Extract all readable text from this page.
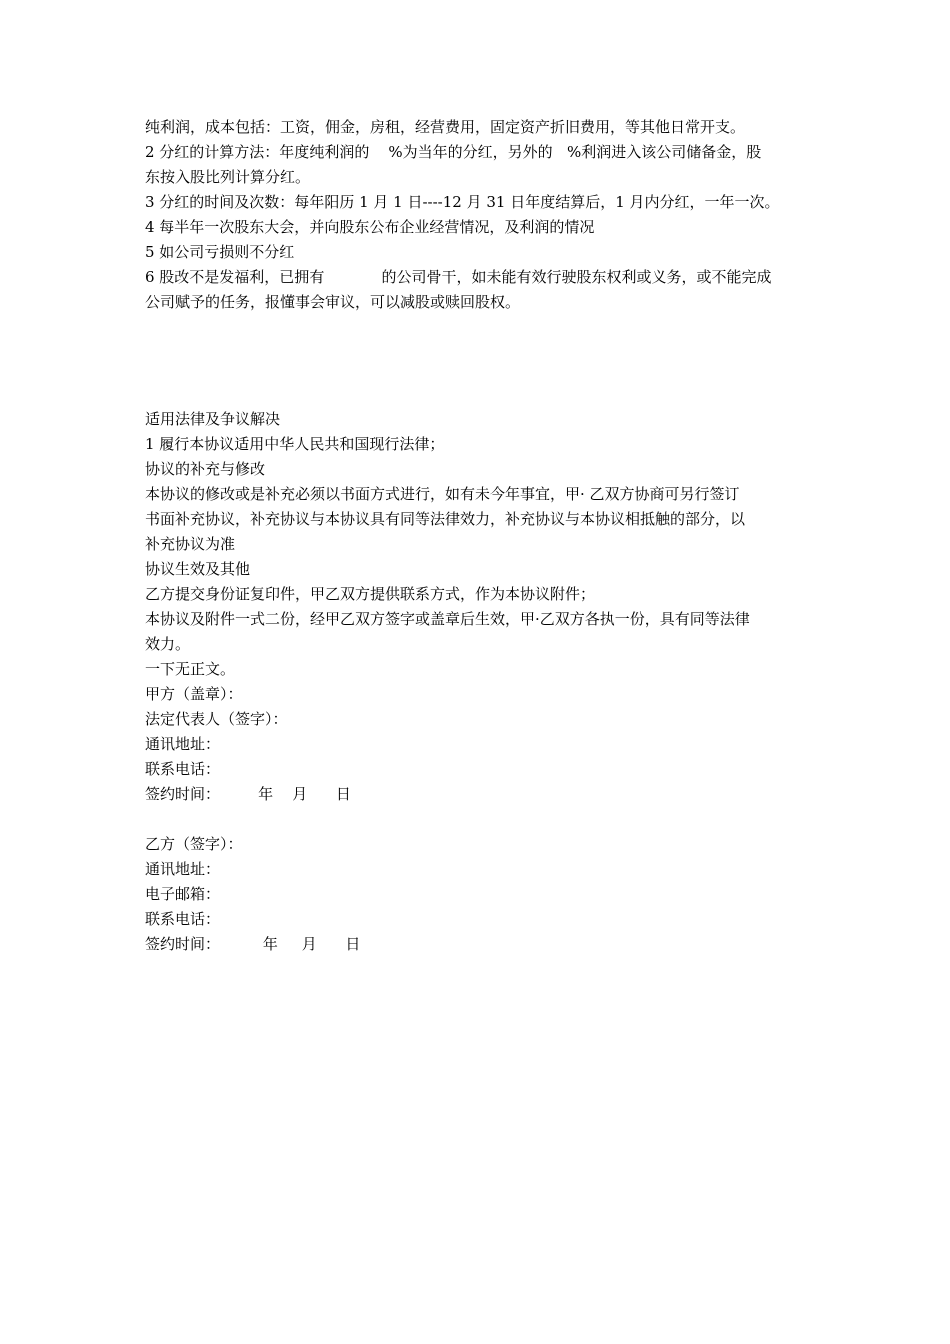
纯利润，成本包括：工资，佣金，房租，经营费用，固定资产折旧费用，等其他日常开支。

2 分红的计算方法：年度纯利润的    %为当年的分红，另外的   %利润进入该公司储备金，股

东按入股比列计算分红。

3 分红的时间及次数：每年阳历 1 月 1 日----12 月 31 日年度结算后，1 月内分红，一年一次。

4 每半年一次股东大会，并向股东公布企业经营情况，及利润的情况

5 如公司亏损则不分红

6 股改不是发福利，已拥有            的公司骨干，如未能有效行驶股东权利或义务，或不能完成

公司赋予的任务，报懂事会审议，可以减股或赎回股权。

适用法律及争议解决

1 履行本协议适用中华人民共和国现行法律；

协议的补充与修改

本协议的修改或是补充必须以书面方式进行，如有未今年事宜，甲· 乙双方协商可另行签订

书面补充协议，补充协议与本协议具有同等法律效力，补充协议与本协议相抵触的部分，以

补充协议为准

协议生效及其他

乙方提交身份证复印件，甲乙双方提供联系方式，作为本协议附件；

本协议及附件一式二份，经甲乙双方签字或盖章后生效，甲·乙双方各执一份，具有同等法律

效力。

一下无正文。

甲方（盖章）：

法定代表人（签字）：

通讯地址：

联系电话：

签约时间：        年    月      日

乙方（签字）：

通讯地址：

电子邮箱：

联系电话：

签约时间：         年     月      日
